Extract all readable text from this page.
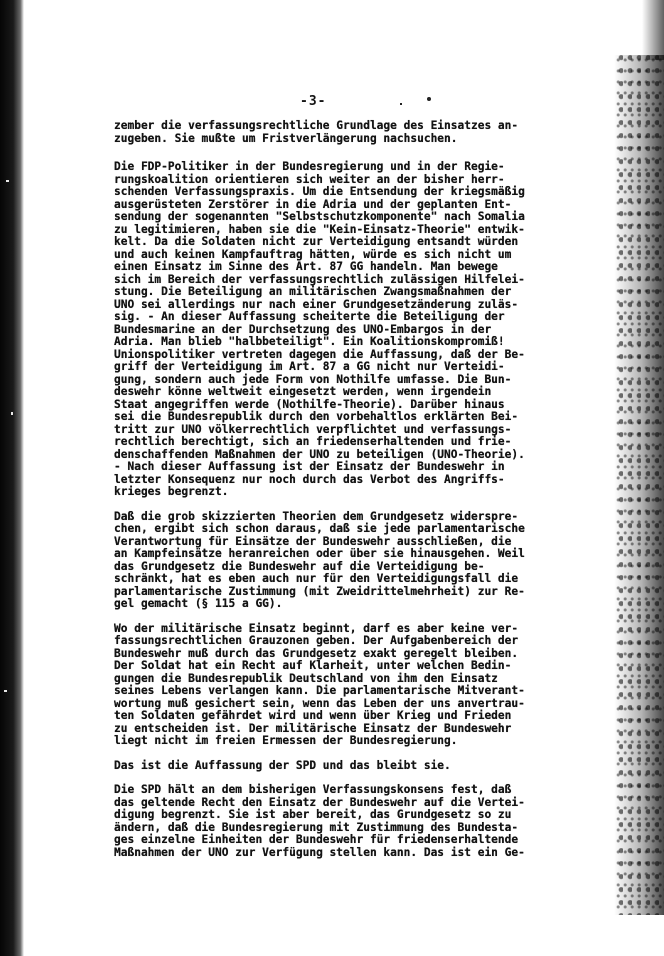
-3-
zember die verfassungsrechtliche Grundlage des Einsatzes an-
zugeben. Sie mußte um Fristverlängerung nachsuchen.
Die FDP-Politiker in der Bundesregierung und in der Regie-
rungskoalition orientieren sich weiter an der bisher herr-
schenden Verfassungspraxis. Um die Entsendung der kriegsmäßig
ausgerüsteten Zerstörer in die Adria und der geplanten Ent-
sendung der sogenannten "Selbstschutzkomponente" nach Somalia
zu legitimieren, haben sie die "Kein-Einsatz-Theorie" entwik-
kelt. Da die Soldaten nicht zur Verteidigung entsandt würden
und auch keinen Kampfauftrag hätten, würde es sich nicht um
einen Einsatz im Sinne des Art. 87 GG handeln. Man bewege
sich im Bereich der verfassungsrechtlich zulässigen Hilfelei-
stung. Die Beteiligung an militärischen Zwangsmaßnahmen der
UNO sei allerdings nur nach einer Grundgesetzänderung zuläs-
sig. - An dieser Auffassung scheiterte die Beteiligung der
Bundesmarine an der Durchsetzung des UNO-Embargos in der
Adria. Man blieb "halbbeteiligt". Ein Koalitionskompromiß!
Unionspolitiker vertreten dagegen die Auffassung, daß der Be-
griff der Verteidigung im Art. 87 a GG nicht nur Verteidi-
gung, sondern auch jede Form von Nothilfe umfasse. Die Bun-
deswehr könne weltweit eingesetzt werden, wenn irgendein
Staat angegriffen werde (Nothilfe-Theorie). Darüber hinaus
sei die Bundesrepublik durch den vorbehaltlos erklärten Bei-
tritt zur UNO völkerrechtlich verpflichtet und verfassungs-
rechtlich berechtigt, sich an friedenserhaltenden und frie-
denschaffenden Maßnahmen der UNO zu beteiligen (UNO-Theorie).
- Nach dieser Auffassung ist der Einsatz der Bundeswehr in
letzter Konsequenz nur noch durch das Verbot des Angriffs-
krieges begrenzt.
Daß die grob skizzierten Theorien dem Grundgesetz widerspre-
chen, ergibt sich schon daraus, daß sie jede parlamentarische
Verantwortung für Einsätze der Bundeswehr ausschließen, die
an Kampfeinsätze heranreichen oder über sie hinausgehen. Weil
das Grundgesetz die Bundeswehr auf die Verteidigung be-
schränkt, hat es eben auch nur für den Verteidigungsfall die
parlamentarische Zustimmung (mit Zweidrittelmehrheit) zur Re-
gel gemacht (§ 115 a GG).
Wo der militärische Einsatz beginnt, darf es aber keine ver-
fassungsrechtlichen Grauzonen geben. Der Aufgabenbereich der
Bundeswehr muß durch das Grundgesetz exakt geregelt bleiben.
Der Soldat hat ein Recht auf Klarheit, unter welchen Bedin-
gungen die Bundesrepublik Deutschland von ihm den Einsatz
seines Lebens verlangen kann. Die parlamentarische Mitverant-
wortung muß gesichert sein, wenn das Leben der uns anvertrau-
ten Soldaten gefährdet wird und wenn über Krieg und Frieden
zu entscheiden ist. Der militärische Einsatz der Bundeswehr
liegt nicht im freien Ermessen der Bundesregierung.
Das ist die Auffassung der SPD und das bleibt sie.
Die SPD hält an dem bisherigen Verfassungskonsens fest, daß
das geltende Recht den Einsatz der Bundeswehr auf die Vertei-
digung begrenzt. Sie ist aber bereit, das Grundgesetz so zu
ändern, daß die Bundesregierung mit Zustimmung des Bundesta-
ges einzelne Einheiten der Bundeswehr für friedenserhaltende
Maßnahmen der UNO zur Verfügung stellen kann. Das ist ein Ge-
